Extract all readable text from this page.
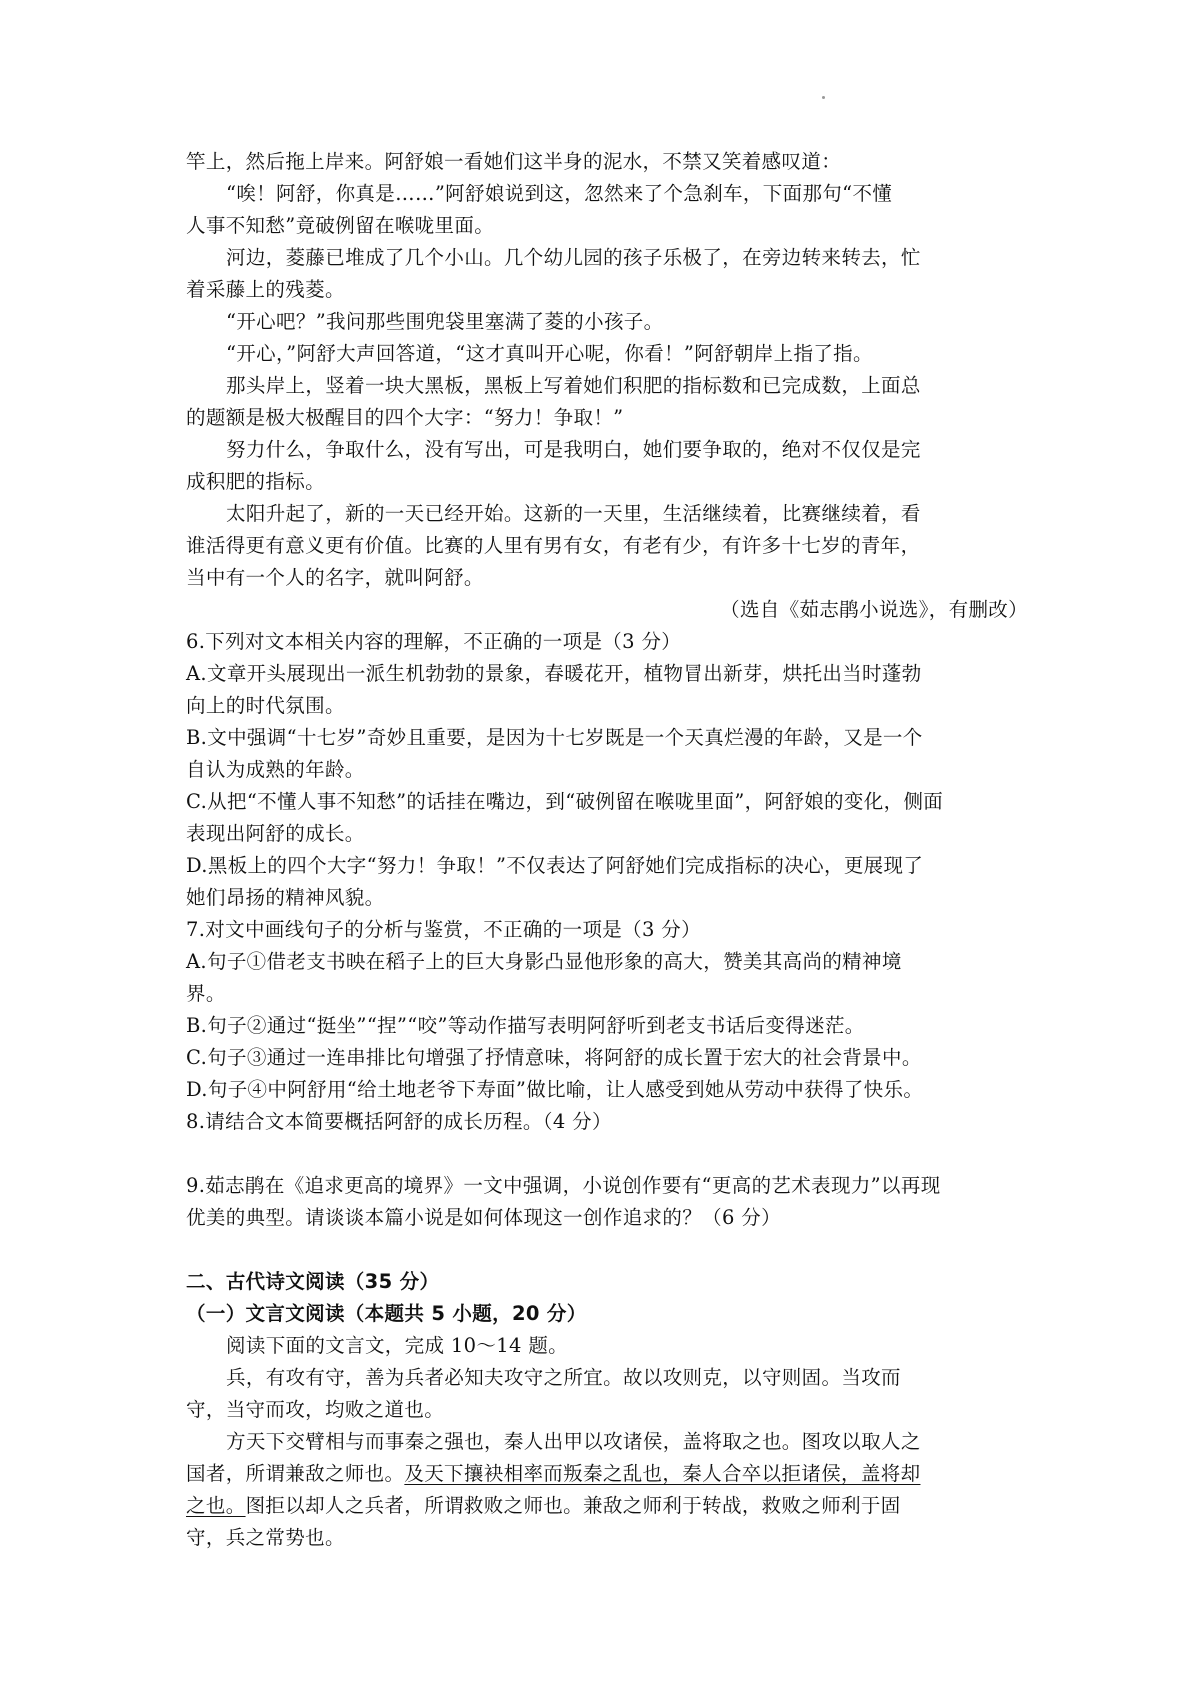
竿上，然后拖上岸来。阿舒娘一看她们这半身的泥水，不禁又笑着感叹道：
“唉！阿舒，你真是……”阿舒娘说到这，忽然来了个急刹车，下面那句“不懂
人事不知愁”竟破例留在喉咙里面。
河边，菱藤已堆成了几个小山。几个幼儿园的孩子乐极了，在旁边转来转去，忙
着采藤上的残菱。
“开心吧？”我问那些围兜袋里塞满了菱的小孩子。
“开心，”阿舒大声回答道，“这才真叫开心呢，你看！”阿舒朝岸上指了指。
那头岸上，竖着一块大黑板，黑板上写着她们积肥的指标数和已完成数，上面总
的题额是极大极醒目的四个大字：“努力！争取！”
努力什么，争取什么，没有写出，可是我明白，她们要争取的，绝对不仅仅是完
成积肥的指标。
太阳升起了，新的一天已经开始。这新的一天里，生活继续着，比赛继续着，看
谁活得更有意义更有价值。比赛的人里有男有女，有老有少，有许多十七岁的青年，
当中有一个人的名字，就叫阿舒。
（选自《茹志鹃小说选》，有删改）
6.下列对文本相关内容的理解，不正确的一项是（3 分）
A.文章开头展现出一派生机勃勃的景象，春暖花开，植物冒出新芽，烘托出当时蓬勃
向上的时代氛围。
B.文中强调“十七岁”奇妙且重要，是因为十七岁既是一个天真烂漫的年龄，又是一个
自认为成熟的年龄。
C.从把“不懂人事不知愁”的话挂在嘴边，到“破例留在喉咙里面”，阿舒娘的变化，侧面
表现出阿舒的成长。
D.黑板上的四个大字“努力！争取！”不仅表达了阿舒她们完成指标的决心，更展现了
她们昂扬的精神风貌。
7.对文中画线句子的分析与鉴赏，不正确的一项是（3 分）
A.句子①借老支书映在稻子上的巨大身影凸显他形象的高大，赞美其高尚的精神境
界。
B.句子②通过“挺坐”“捏”“咬”等动作描写表明阿舒听到老支书话后变得迷茫。
C.句子③通过一连串排比句增强了抒情意味，将阿舒的成长置于宏大的社会背景中。
D.句子④中阿舒用“给土地老爷下寿面”做比喻，让人感受到她从劳动中获得了快乐。
8.请结合文本简要概括阿舒的成长历程。（4 分）
9.茹志鹃在《追求更高的境界》一文中强调，小说创作要有“更高的艺术表现力”以再现
优美的典型。请谈谈本篇小说是如何体现这一创作追求的？（6 分）
二、古代诗文阅读（35 分）
（一）文言文阅读（本题共 5 小题，20 分）
阅读下面的文言文，完成 10～14 题。
兵，有攻有守，善为兵者必知夫攻守之所宜。故以攻则克，以守则固。当攻而
守，当守而攻，均败之道也。
方天下交臂相与而事秦之强也，秦人出甲以攻诸侯，盖将取之也。图攻以取人之
国者，所谓兼敌之师也。及天下攘袂相率而叛秦之乱也，秦人合卒以拒诸侯，盖将却
之也。图拒以却人之兵者，所谓救败之师也。兼敌之师利于转战，救败之师利于固
守，兵之常势也。
